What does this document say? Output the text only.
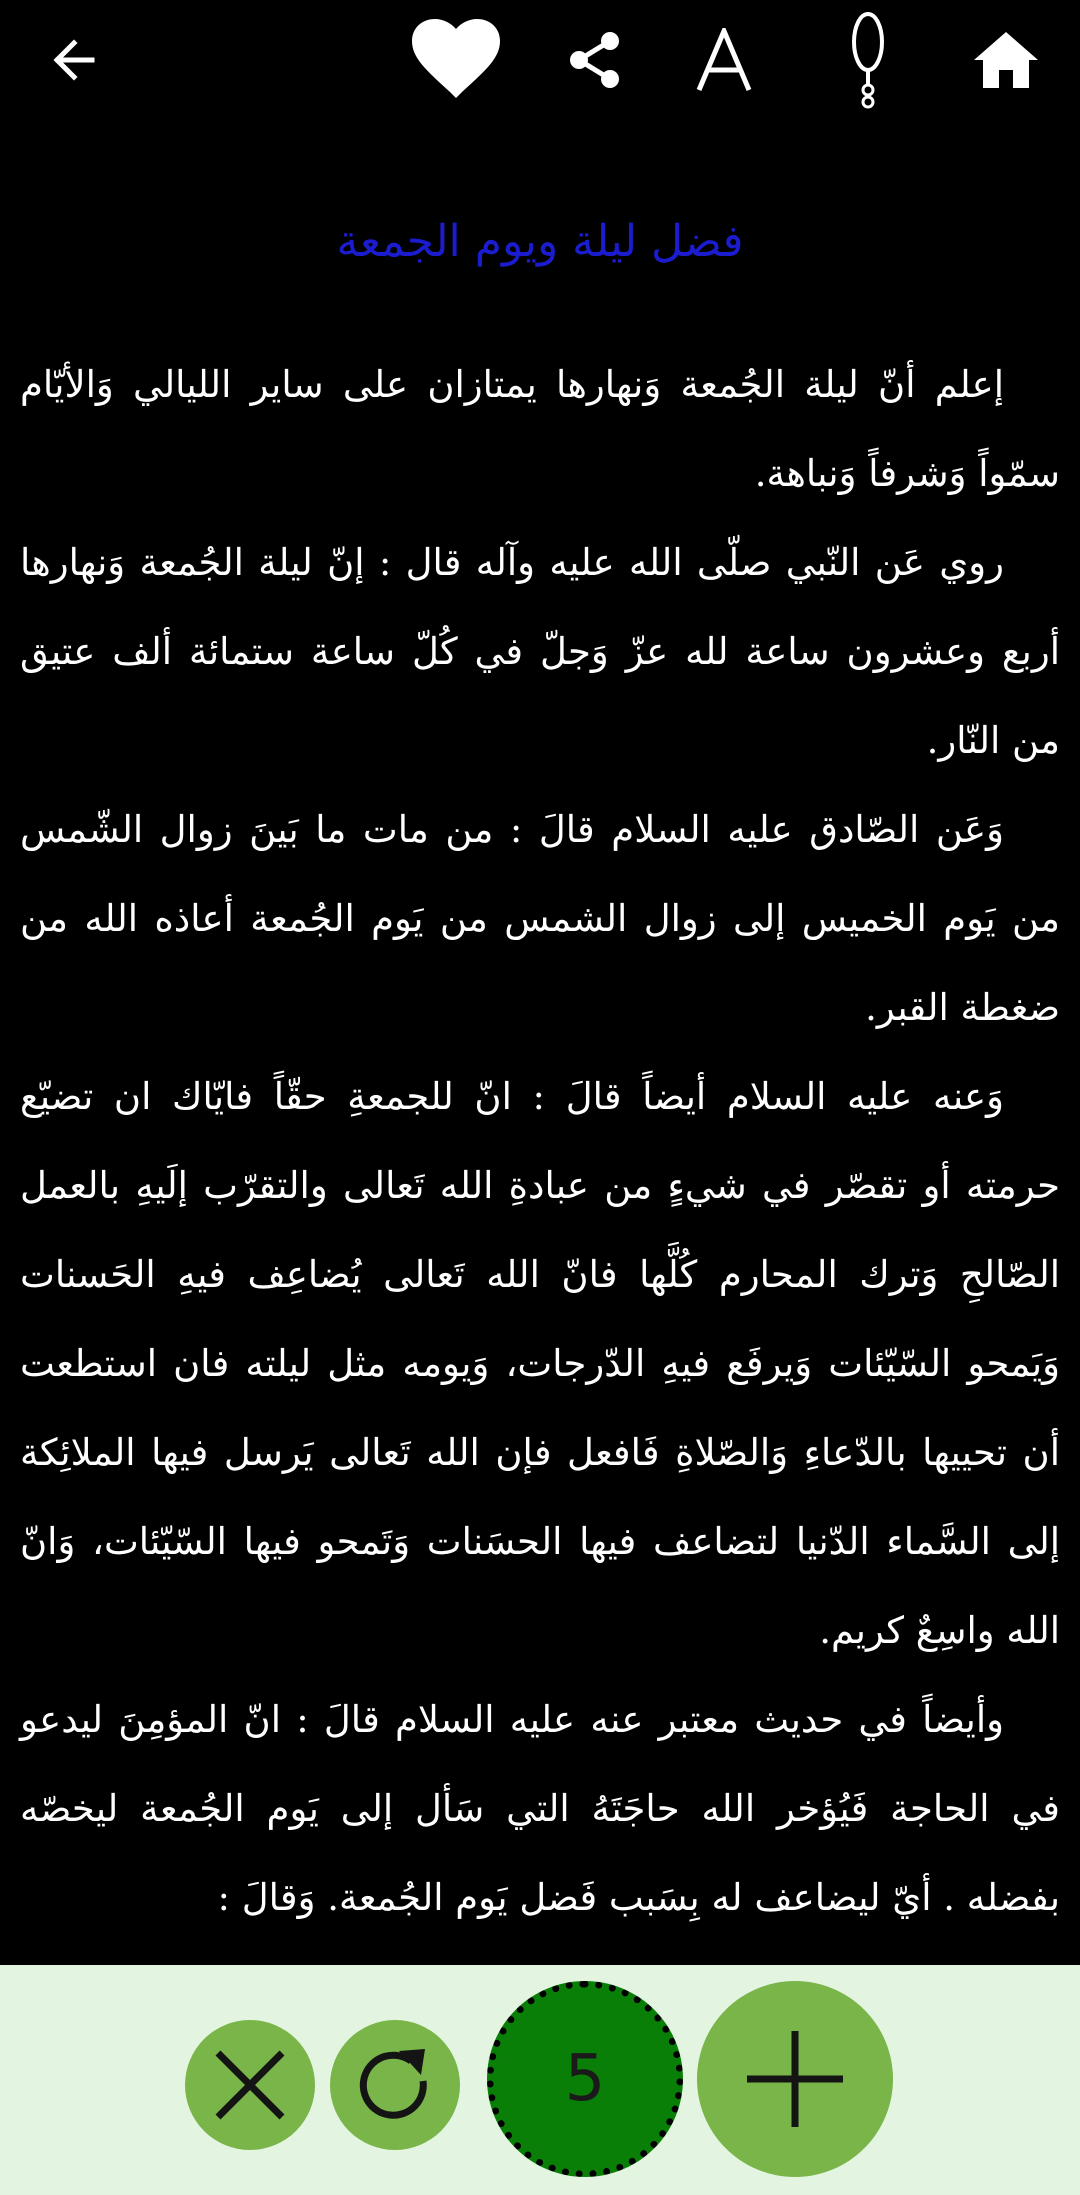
فضل ليلة ويوم الجمعة

إعلم أنّ ليلة الجُمعة وَنهارها يمتازان على ساير الليالي وَالأيّام سمّواً وَشرفاً وَنباهة.

روي عَن النّبي صلّى الله عليه وآله قال : إنّ ليلة الجُمعة وَنهارها أربع وعشرون ساعة لله عزّ وَجلّ في كُلّ ساعة ستمائة ألف عتيق من النّار.

وَعَن الصّادق عليه السلام قالَ : من مات ما بَينَ زوال الشّمس من يَوم الخميس إلى زوال الشمس من يَوم الجُمعة أعاذه الله من ضغطة القبر.

وَعنه عليه السلام أيضاً قالَ : انّ للجمعةِ حقّاً فايّاك ان تضيّع حرمته أو تقصّر في شيءٍ من عبادةِ الله تَعالى والتقرّب إلَيهِ بالعمل الصّالحِ وَترك المحارم كُلَّها فانّ الله تَعالى يُضاعِف فيهِ الحَسنات وَيَمحو السّيّئات وَيرفَع فيهِ الدّرجات، وَيومه مثل ليلته فان استطعت أن تحييها بالدّعاءِ وَالصّلاةِ فَافعل فإن الله تَعالى يَرسل فيها الملائِكة إلى السَّماء الدّنيا لتضاعف فيها الحسَنات وَتَمحو فيها السّيّئات، وَانّ الله واسِعٌ كريم.

وأيضاً في حديث معتبر عنه عليه السلام قالَ : انّ المؤمِنَ ليدعو في الحاجة فَيُؤخر الله حاجَتَهُ التي سَأل إلى يَوم الجُمعة ليخصّه بفضله . أيّ ليضاعف له بِسَبب فَضل يَوم الجُمعة. وَقالَ :

5
